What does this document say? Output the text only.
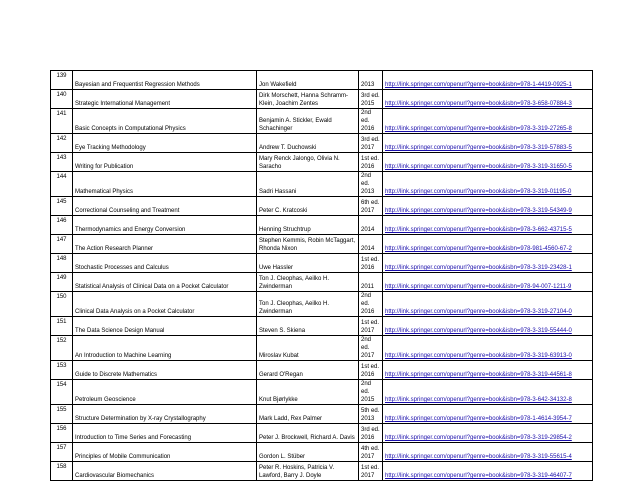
139	Bayesian and Frequentist Regression Methods	Jon Wakefield	2013	http://link.springer.com/openurl?genre=book&isbn=978-1-4419-0925-1
140	Strategic International Management	Dirk Morschett, Hanna Schramm-Klein, Joachim Zentes	3rd ed. 2015	http://link.springer.com/openurl?genre=book&isbn=978-3-658-07884-3
141	Basic Concepts in Computational Physics	Benjamin A. Stickler, Ewald Schachinger	2nd ed. 2016	http://link.springer.com/openurl?genre=book&isbn=978-3-319-27265-8
142	Eye Tracking Methodology	Andrew T. Duchowski	3rd ed. 2017	http://link.springer.com/openurl?genre=book&isbn=978-3-319-57883-5
143	Writing for Publication	Mary Renck Jalongo, Olivia N. Saracho	1st ed. 2016	http://link.springer.com/openurl?genre=book&isbn=978-3-319-31650-5
144	Mathematical Physics	Sadri Hassani	2nd ed. 2013	http://link.springer.com/openurl?genre=book&isbn=978-3-319-01195-0
145	Correctional Counseling and Treatment	Peter C. Kratcoski	6th ed. 2017	http://link.springer.com/openurl?genre=book&isbn=978-3-319-54349-9
146	Thermodynamics and Energy Conversion	Henning Struchtrup	2014	http://link.springer.com/openurl?genre=book&isbn=978-3-662-43715-5
147	The Action Research Planner	Stephen Kemmis, Robin McTaggart, Rhonda Nixon	2014	http://link.springer.com/openurl?genre=book&isbn=978-981-4560-67-2
148	Stochastic Processes and Calculus	Uwe Hassler	1st ed. 2016	http://link.springer.com/openurl?genre=book&isbn=978-3-319-23428-1
149	Statistical Analysis of Clinical Data on a Pocket Calculator	Ton J. Cleophas, Aeilko H. Zwinderman	2011	http://link.springer.com/openurl?genre=book&isbn=978-94-007-1211-9
150	Clinical Data Analysis on a Pocket Calculator	Ton J. Cleophas, Aeilko H. Zwinderman	2nd ed. 2016	http://link.springer.com/openurl?genre=book&isbn=978-3-319-27104-0
151	The Data Science Design Manual	Steven S. Skiena	1st ed. 2017	http://link.springer.com/openurl?genre=book&isbn=978-3-319-55444-0
152	An Introduction to Machine Learning	Miroslav Kubat	2nd ed. 2017	http://link.springer.com/openurl?genre=book&isbn=978-3-319-63913-0
153	Guide to Discrete Mathematics	Gerard O'Regan	1st ed. 2016	http://link.springer.com/openurl?genre=book&isbn=978-3-319-44561-8
154	Petroleum Geoscience	Knut Bjørlykke	2nd ed. 2015	http://link.springer.com/openurl?genre=book&isbn=978-3-642-34132-8
155	Structure Determination by X-ray Crystallography	Mark Ladd, Rex Palmer	5th ed. 2013	http://link.springer.com/openurl?genre=book&isbn=978-1-4614-3954-7
156	Introduction to Time Series and Forecasting	Peter J. Brockwell, Richard A. Davis	3rd ed. 2016	http://link.springer.com/openurl?genre=book&isbn=978-3-319-29854-2
157	Principles of Mobile Communication	Gordon L. Stüber	4th ed. 2017	http://link.springer.com/openurl?genre=book&isbn=978-3-319-55615-4
158	Cardiovascular Biomechanics	Peter R. Hoskins, Patricia V. Lawford, Barry J. Doyle	1st ed. 2017	http://link.springer.com/openurl?genre=book&isbn=978-3-319-46407-7
